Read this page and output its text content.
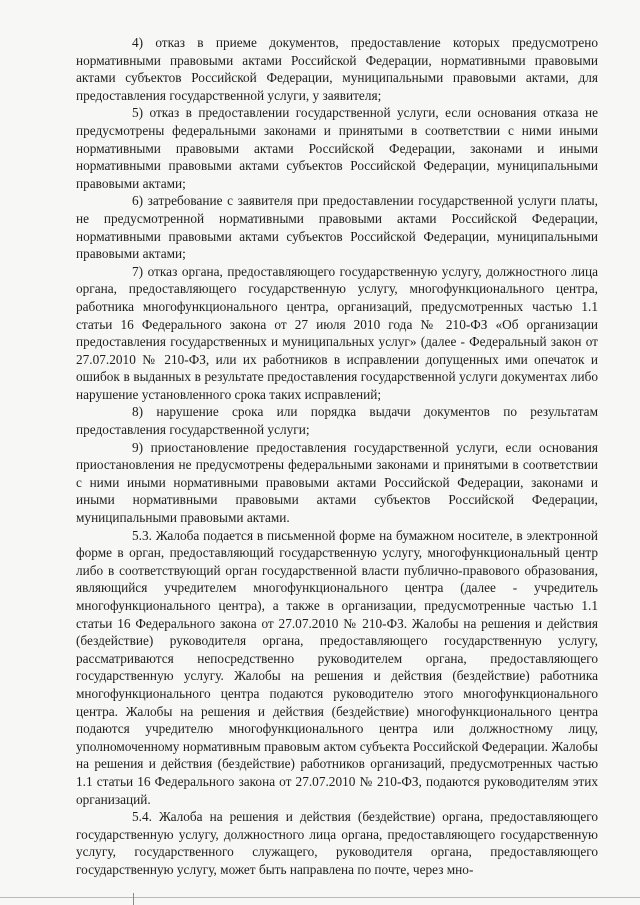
4) отказ в приеме документов, предоставление которых предусмотрено нормативными правовыми актами Российской Федерации, нормативными правовыми актами субъектов Российской Федерации, муниципальными правовыми актами, для предоставления государственной услуги, у заявителя;

5) отказ в предоставлении государственной услуги, если основания отказа не предусмотрены федеральными законами и принятыми в соответствии с ними иными нормативными правовыми актами Российской Федерации, законами и иными нормативными правовыми актами субъектов Российской Федерации, муниципальными правовыми актами;

6) затребование с заявителя при предоставлении государственной услуги платы, не предусмотренной нормативными правовыми актами Российской Федерации, нормативными правовыми актами субъектов Российской Федерации, муниципальными правовыми актами;

7) отказ органа, предоставляющего государственную услугу, должностного лица органа, предоставляющего государственную услугу, многофункционального центра, работника многофункционального центра, организаций, предусмотренных частью 1.1 статьи 16 Федерального закона от 27 июля 2010 года № 210-ФЗ «Об организации предоставления государственных и муниципальных услуг» (далее - Федеральный закон от 27.07.2010 № 210-ФЗ, или их работников в исправлении допущенных ими опечаток и ошибок в выданных в результате предоставления государственной услуги документах либо нарушение установленного срока таких исправлений;

8) нарушение срока или порядка выдачи документов по результатам предоставления государственной услуги;

9) приостановление предоставления государственной услуги, если основания приостановления не предусмотрены федеральными законами и принятыми в соответствии с ними иными нормативными правовыми актами Российской Федерации, законами и иными нормативными правовыми актами субъектов Российской Федерации, муниципальными правовыми актами.

5.3. Жалоба подается в письменной форме на бумажном носителе, в электронной форме в орган, предоставляющий государственную услугу, многофункциональный центр либо в соответствующий орган государственной власти публично-правового образования, являющийся учредителем многофункционального центра (далее - учредитель многофункционального центра), а также в организации, предусмотренные частью 1.1 статьи 16 Федерального закона от 27.07.2010 № 210-ФЗ. Жалобы на решения и действия (бездействие) руководителя органа, предоставляющего государственную услугу, рассматриваются непосредственно руководителем органа, предоставляющего государственную услугу. Жалобы на решения и действия (бездействие) работника многофункционального центра подаются руководителю этого многофункционального центра. Жалобы на решения и действия (бездействие) многофункционального центра подаются учредителю многофункционального центра или должностному лицу, уполномоченному нормативным правовым актом субъекта Российской Федерации. Жалобы на решения и действия (бездействие) работников организаций, предусмотренных частью 1.1 статьи 16 Федерального закона от 27.07.2010 № 210-ФЗ, подаются руководителям этих организаций.

5.4. Жалоба на решения и действия (бездействие) органа, предоставляющего государственную услугу, должностного лица органа, предоставляющего государственную услугу, государственного служащего, руководителя органа, предоставляющего государственную услугу, может быть направлена по почте, через мно-
